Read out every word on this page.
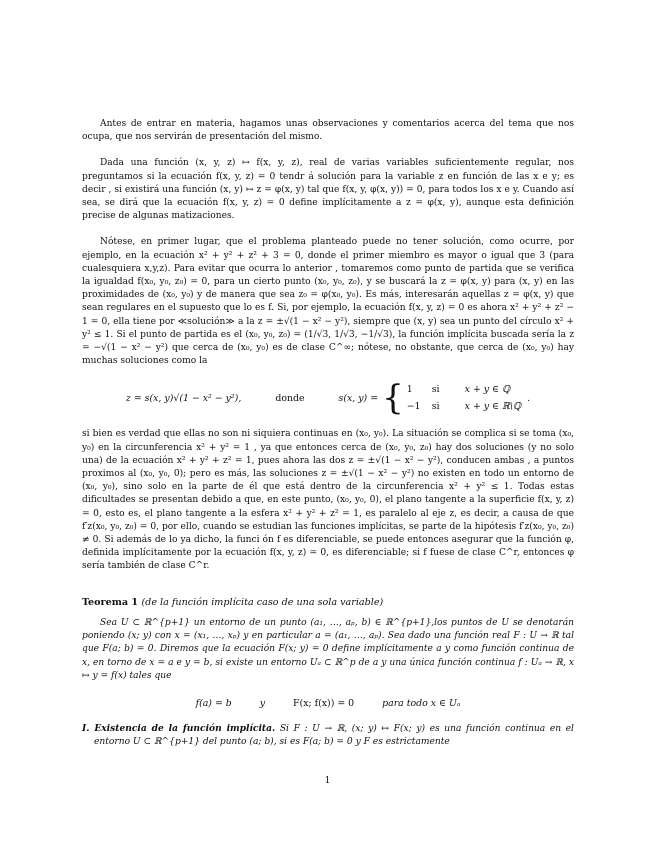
Antes de entrar en materia, hagamos unas observaciones y comentarios acerca del tema que nos ocupa, que nos servirán de presentación del mismo.

Dada una función (x, y, z) ↦ f(x, y, z), real de varias variables suficientemente regular, nos preguntamos si la ecuación f(x, y, z) = 0 tendr á solución para la variable z en función de las x e y; es decir , si existirá una función (x, y) ↦ z = φ(x, y) tal que f(x, y, φ(x, y)) = 0, para todos los x e y. Cuando así sea, se dirá que la ecuación f(x, y, z) = 0 define implícitamente a z = φ(x, y), aunque esta definición precise de algunas matizaciones.

Nótese, en primer lugar, que el problema planteado puede no tener solución, como ocurre, por ejemplo, en la ecuación x² + y² + z² + 3 = 0, donde el primer miembro es mayor o igual que 3 (para cualesquiera x,y,z). Para evitar que ocurra lo anterior , tomaremos como punto de partida que se verifica la igualdad f(x₀, y₀, z₀) = 0, para un cierto punto (x₀, y₀, z₀), y se buscará la z = φ(x, y) para (x, y) en las proximidades de (x₀, y₀) y de manera que sea z₀ = φ(x₀, y₀). Es más, interesarán aquellas z = φ(x, y) que sean regulares en el supuesto que lo es f. Si, por ejemplo, la ecuación f(x, y, z) = 0 es ahora x² + y² + z² − 1 = 0, ella tiene por ≪solución≫ a la z = ±√(1 − x² − y²), siempre que (x, y) sea un punto del círculo x² + y² ≤ 1. Si el punto de partida es el (x₀, y₀, z₀) = (1/√3, 1/√3, −1/√3), la función implícita buscada sería la z = −√(1 − x² − y²) que cerca de (x₀, y₀) es de clase C^∞; nótese, no obstante, que cerca de (x₀, y₀) hay muchas soluciones como la

z = s(x, y)√(1 − x² − y²),	donde	s(x, y) = { 1 si	x + y ∈ ℚ
−1 si	x + y ∈ ℝ\ℚ
.

si bien es verdad que ellas no son ni siquiera continuas en (x₀, y₀). La situación se complica si se toma (x₀, y₀) en la circunferencia x² + y² = 1 , ya que entonces cerca de (x₀, y₀, z₀) hay dos soluciones (y no solo una) de la ecuación x² + y² + z² = 1, pues ahora las dos z = ±√(1 − x² − y²), conducen ambas , a puntos proximos al (x₀, y₀, 0); pero es más, las soluciones z = ±√(1 − x² − y²) no existen en todo un entorno de (x₀, y₀), sino solo en la parte de él que está dentro de la circunferencia x² + y² ≤ 1. Todas estas dificultades se presentan debido a que, en este punto, (x₀, y₀, 0), el plano tangente a la superficie f(x, y, z) = 0, esto es, el plano tangente a la esfera x² + y² + z² = 1, es paralelo al eje z, es decir, a causa de que f′z(x₀, y₀, z₀) = 0, por ello, cuando se estudian las funciones implícitas, se parte de la hipótesis f′z(x₀, y₀, z₀) ≠ 0. Si además de lo ya dicho, la funci ón f es diferenciable, se puede entonces asegurar que la función φ, definida implícitamente por la ecuación f(x, y, z) = 0, es diferenciable; si f fuese de clase C^r, entonces φ sería también de clase C^r.

Teorema 1 (de la función implícita caso de una sola variable)

Sea U ⊂ ℝ^{p+1} un entorno de un punto (a₁, …, aₚ, b) ∈ ℝ^{p+1},los puntos de U se denotarán poniendo (x; y) con x = (x₁, …, xₚ) y en particular a = (a₁, …, aₚ). Sea dado una función real F : U → ℝ tal que F(a; b) = 0. Diremos que la ecuación F(x; y) = 0 define implícitamente a y como función continua de x, en torno de x = a e y = b, si existe un entorno Uₐ ⊂ ℝ^p de a y una única función continua f : Uₐ → ℝ, x ↦ y = f(x) tales que

f(a) = b	y	F(x; f(x)) = 0	para todo x ∈ Uₐ

I. Existencia de la función implícita. Si F : U → ℝ, (x; y) ↦ F(x; y) es una función continua en el entorno U ⊂ ℝ^{p+1} del punto (a; b), si es F(a; b) = 0 y F es estrictamente

1
